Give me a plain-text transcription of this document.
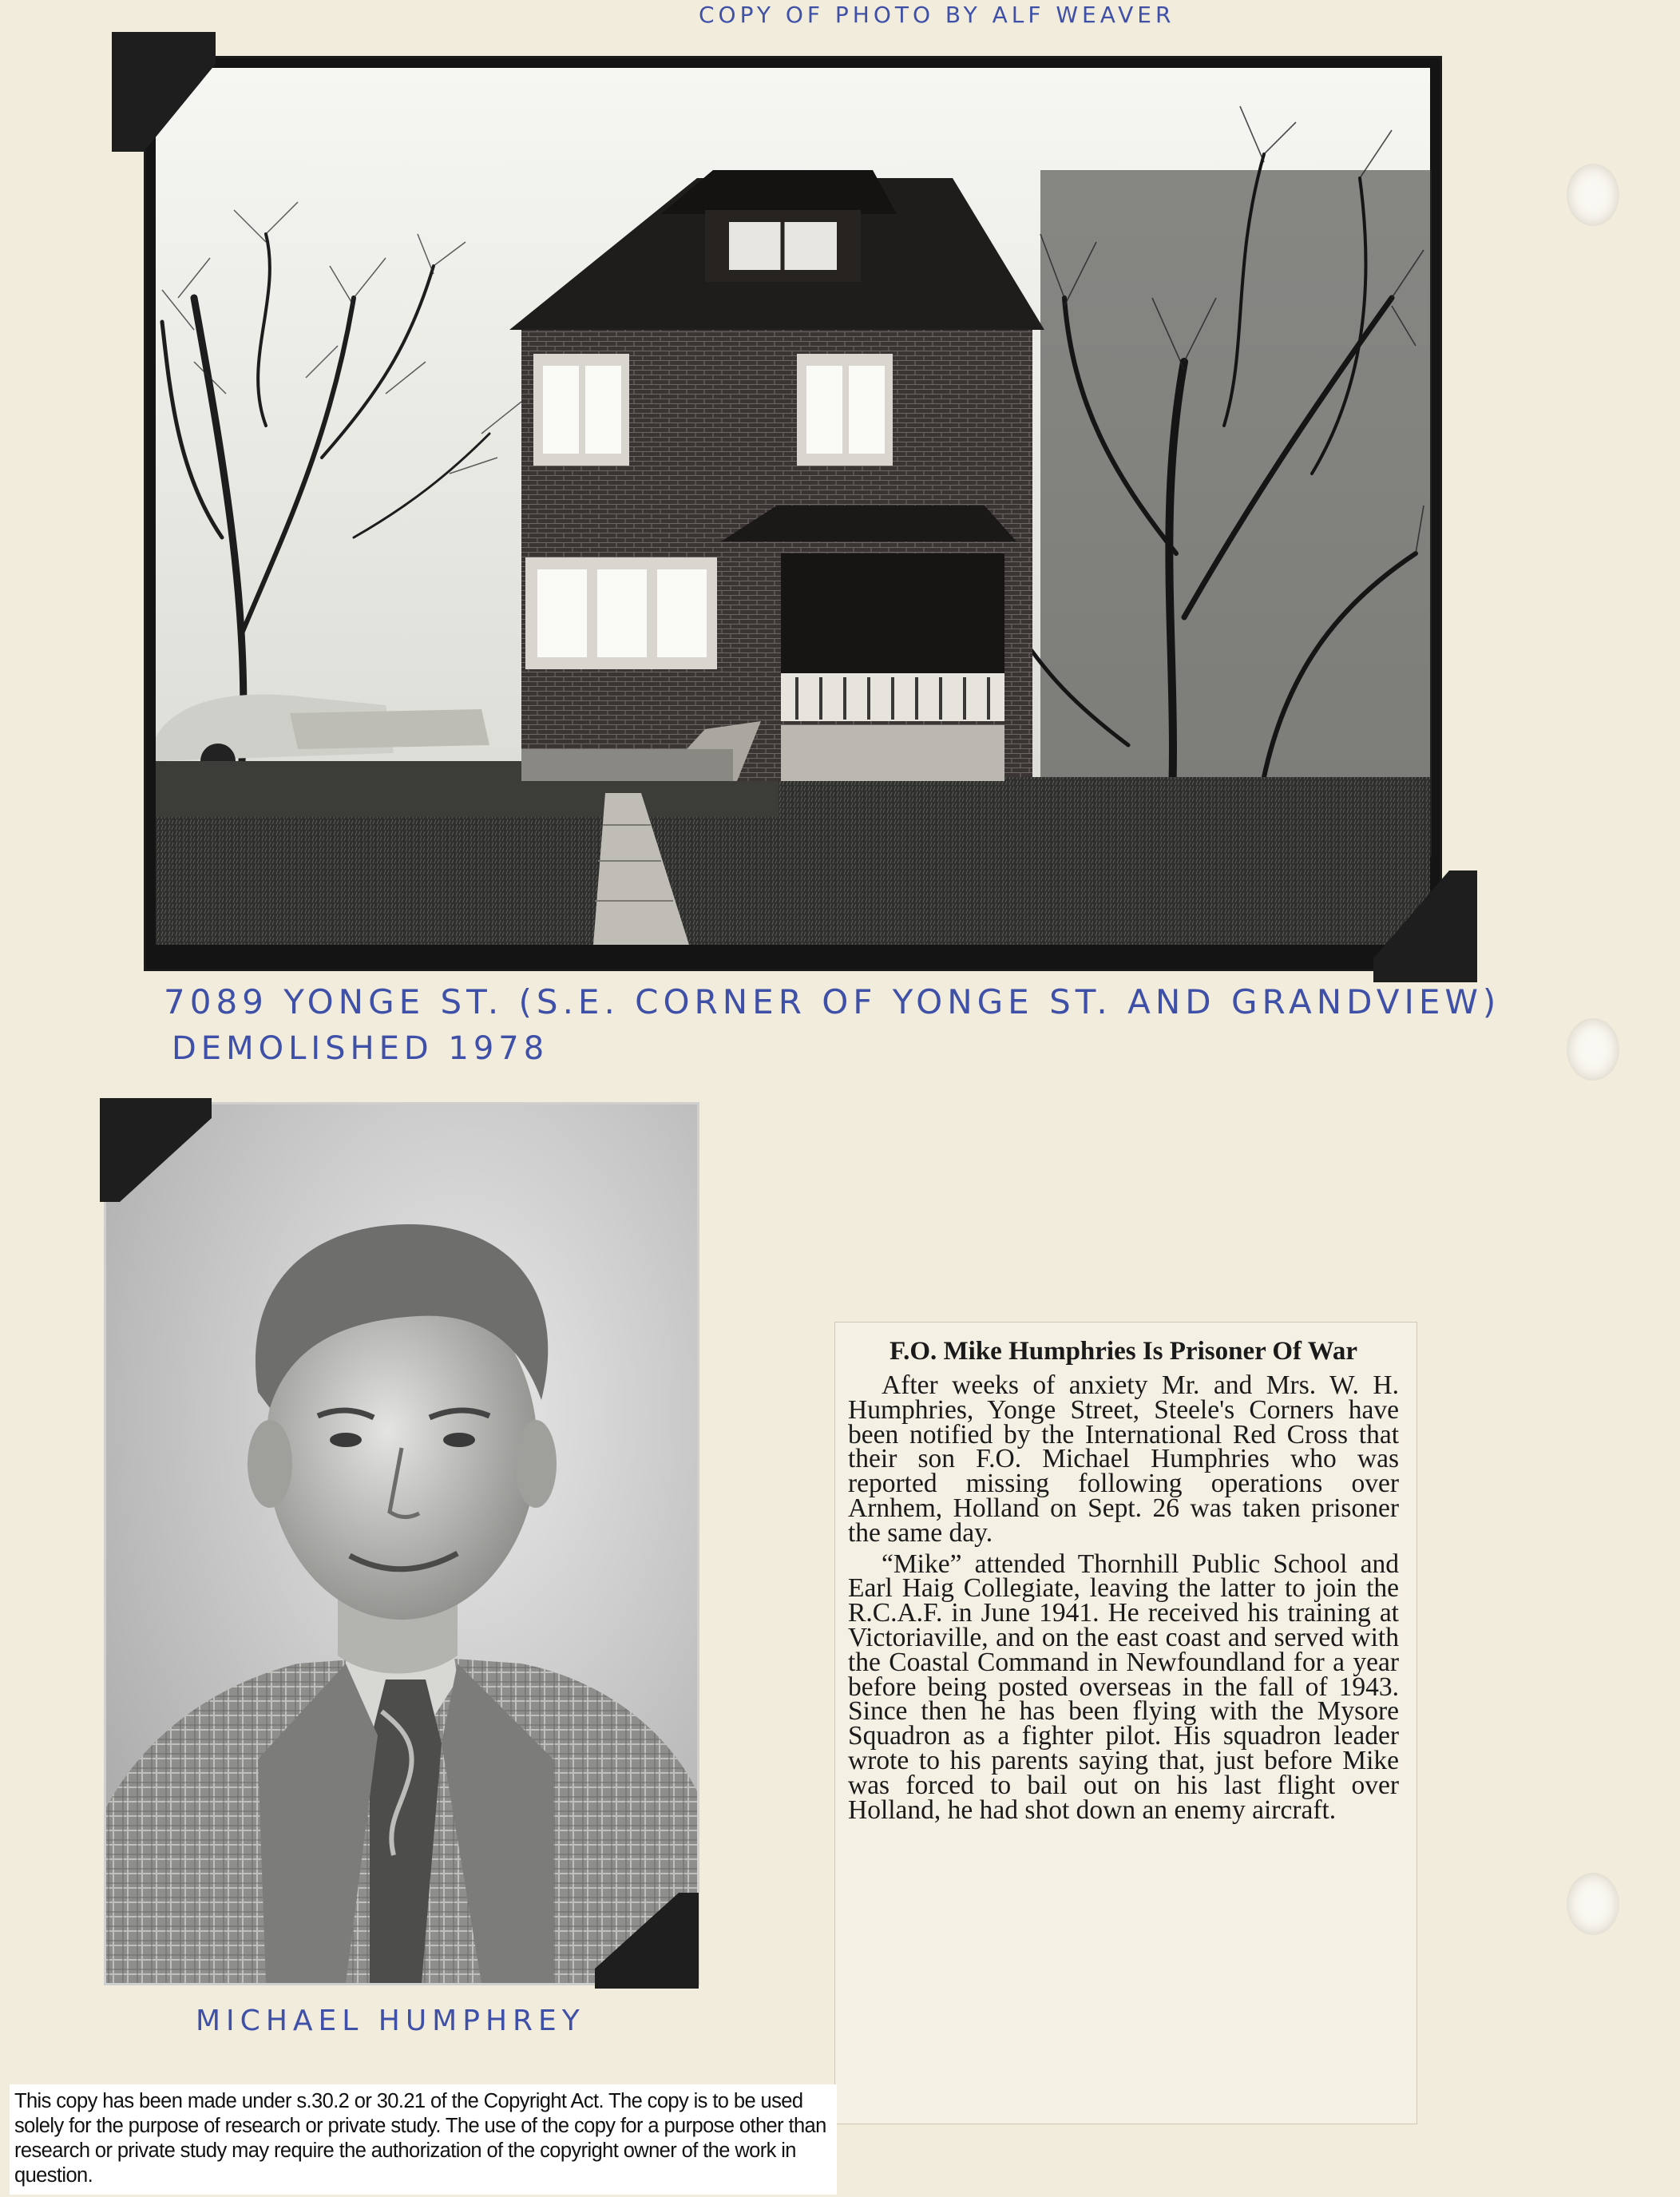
COPY OF PHOTO BY ALF WEAVER
7089 YONGE ST. (S.E. CORNER OF YONGE ST. AND GRANDVIEW)
DEMOLISHED 1978
MICHAEL HUMPHREY
F.O. Mike Humphries Is Prisoner Of War

After weeks of anxiety Mr. and Mrs. W. H. Humphries, Yonge Street, Steele's Corners have been notified by the International Red Cross that their son F.O. Michael Humphries who was reported missing following operations over Arnhem, Holland on Sept. 26 was taken prisoner the same day.

“Mike” attended Thornhill Public School and Earl Haig Collegiate, leaving the latter to join the R.C.A.F. in June 1941. He received his training at Victoriaville, and on the east coast and served with the Coastal Command in Newfoundland for a year before being posted overseas in the fall of 1943. Since then he has been flying with the Mysore Squadron as a fighter pilot. His squadron leader wrote to his parents saying that, just before Mike was forced to bail out on his last flight over Holland, he had shot down an enemy aircraft.

This copy has been made under s.30.2 or 30.21 of the Copyright Act. The copy is to be used solely for the purpose of research or private study. The use of the copy for a purpose other than research or private study may require the authorization of the copyright owner of the work in question.
